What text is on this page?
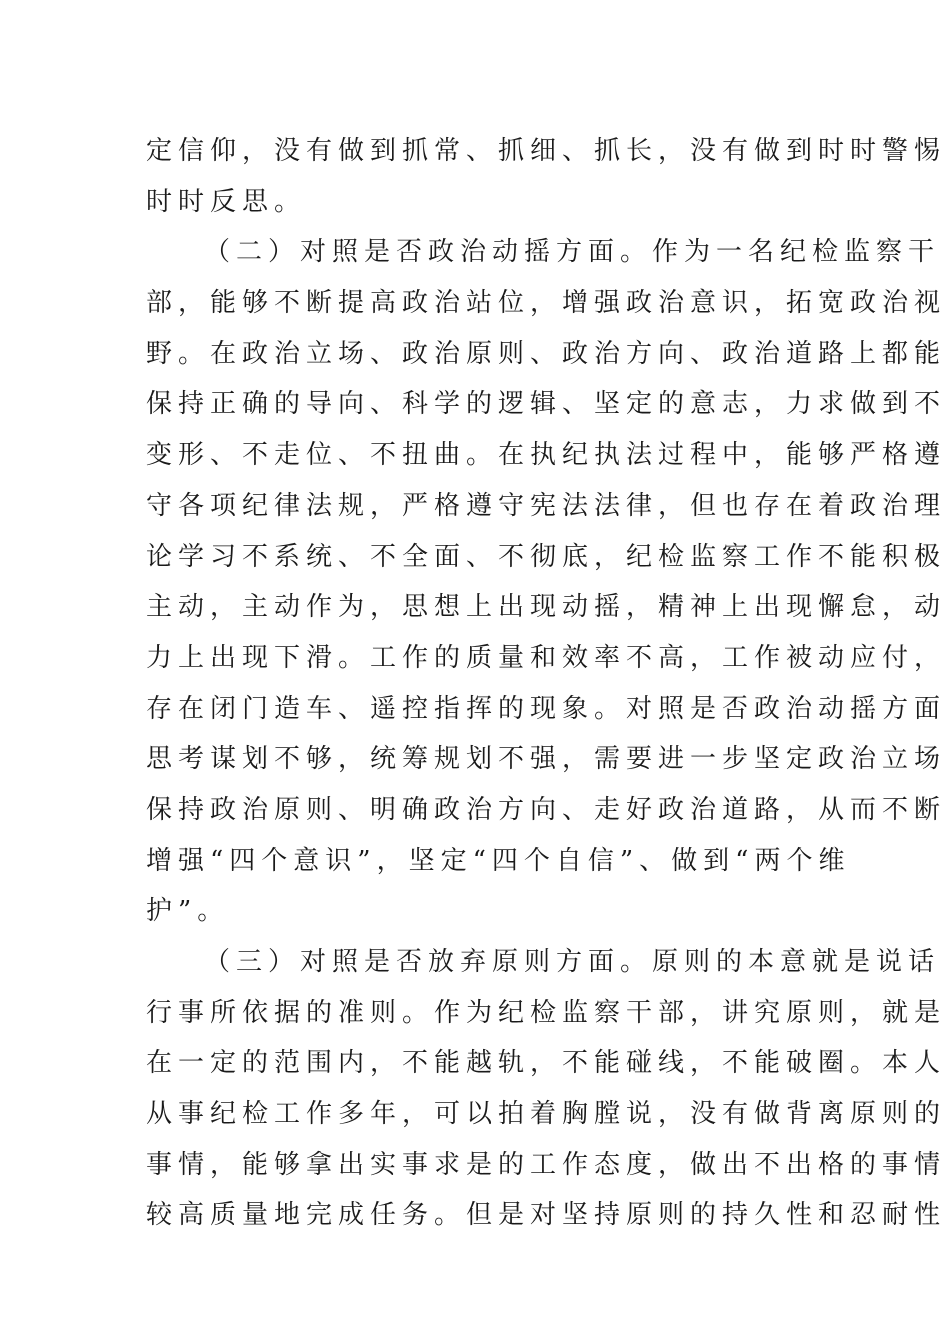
定信仰，没有做到抓常、抓细、抓长，没有做到时时警惕
时时反思。
（二）对照是否政治动摇方面。作为一名纪检监察干
部，能够不断提高政治站位，增强政治意识，拓宽政治视
野。在政治立场、政治原则、政治方向、政治道路上都能
保持正确的导向、科学的逻辑、坚定的意志，力求做到不
变形、不走位、不扭曲。在执纪执法过程中，能够严格遵
守各项纪律法规，严格遵守宪法法律，但也存在着政治理
论学习不系统、不全面、不彻底，纪检监察工作不能积极
主动，主动作为，思想上出现动摇，精神上出现懈怠，动
力上出现下滑。工作的质量和效率不高，工作被动应付，
存在闭门造车、遥控指挥的现象。对照是否政治动摇方面
思考谋划不够，统筹规划不强，需要进一步坚定政治立场
保持政治原则、明确政治方向、走好政治道路，从而不断
增强“四个意识”，坚定“四个自信”、做到“两个维
护”。
（三）对照是否放弃原则方面。原则的本意就是说话
行事所依据的准则。作为纪检监察干部，讲究原则，就是
在一定的范围内，不能越轨，不能碰线，不能破圈。本人
从事纪检工作多年，可以拍着胸膛说，没有做背离原则的
事情，能够拿出实事求是的工作态度，做出不出格的事情
较高质量地完成任务。但是对坚持原则的持久性和忍耐性
